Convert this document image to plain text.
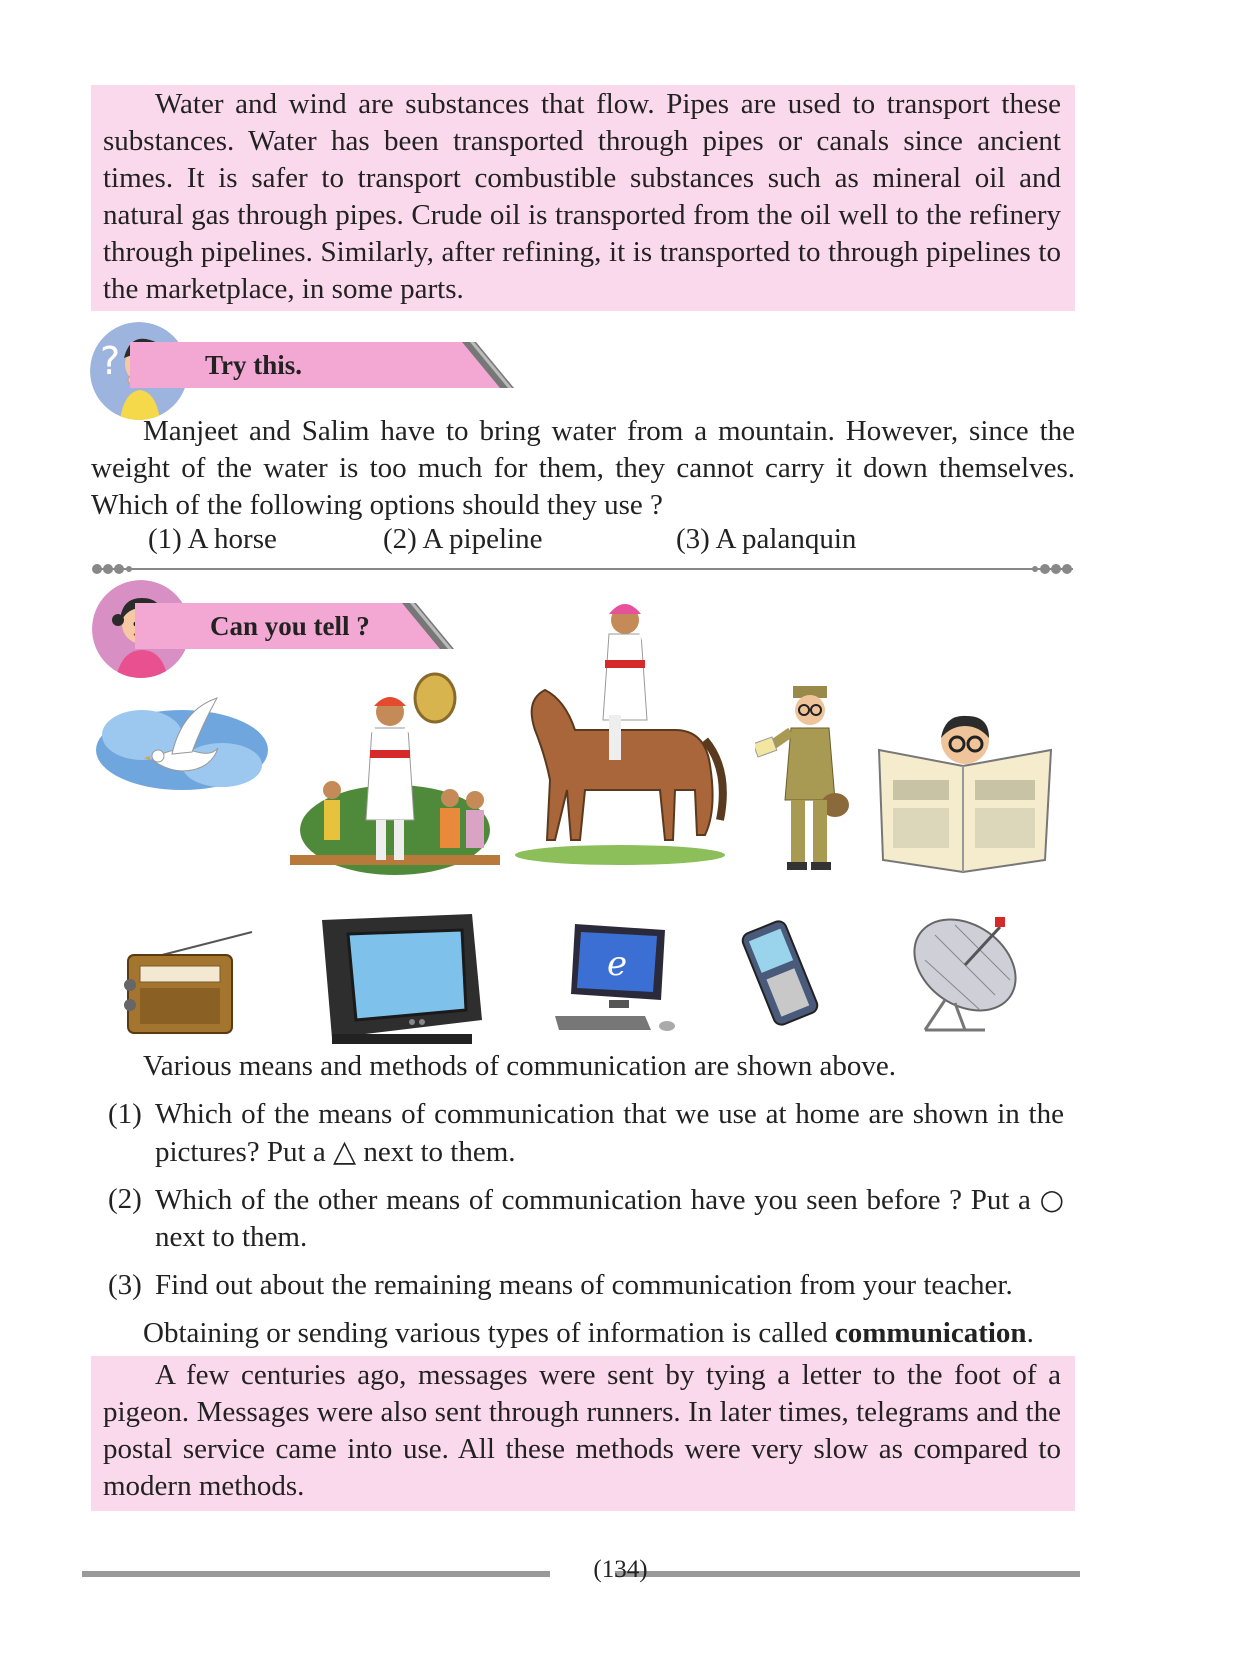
Water and wind are substances that flow. Pipes are used to transport these substances. Water has been transported through pipes or canals since ancient times. It is safer to transport combustible substances such as mineral oil and natural gas through pipes. Crude oil is transported from the oil well to the refinery through pipelines. Similarly, after refining, it is transported to through pipelines to the marketplace, in some parts.

?	Try this.

Manjeet and Salim have to bring water from a mountain. However, since the weight of the water is too much for them, they cannot carry it down themselves. Which of the following options should they use ?

(1) A horse	(2) A pipeline	(3) A palanquin
Can you tell ?
e

Various means and methods of communication are shown above.

(1) Which of the means of communication that we use at home are shown in the pictures? Put a △ next to them.
(2) Which of the other means of communication have you seen before ? Put a ○ next to them.
(3) Find out about the remaining means of communication from your teacher.

Obtaining or sending various types of information is called communication.

A few centuries ago, messages were sent by tying a letter to the foot of a pigeon. Messages were also sent through runners. In later times, telegrams and the postal service came into use. All these methods were very slow as compared to modern methods.

(134)
